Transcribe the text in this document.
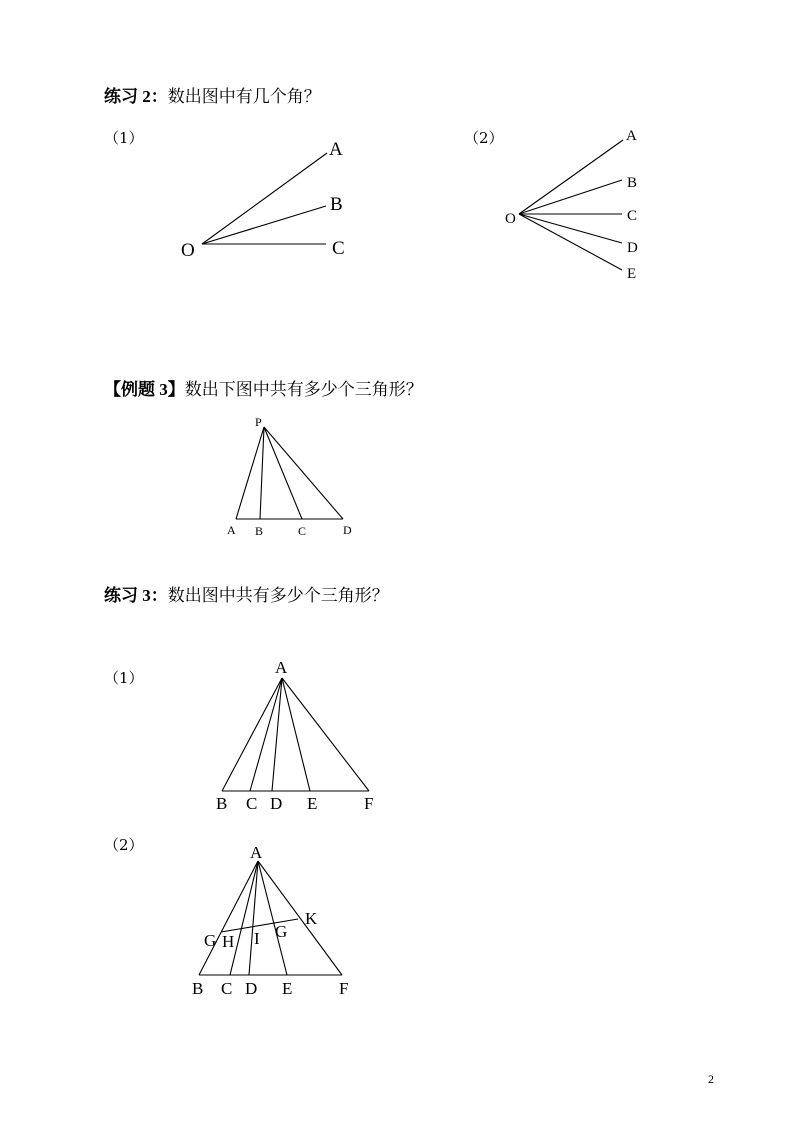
练习 2：数出图中有几个角？
（1）	（2）
【例题 3】数出下图中共有多少个三角形？
练习 3：数出图中共有多少个三角形？
（1）
（2）
O
A
B
C
O
A
B
C
D
E
P
A B	C	D
A
B C D E	F
A
B C D E	F
G H I G
K
2
